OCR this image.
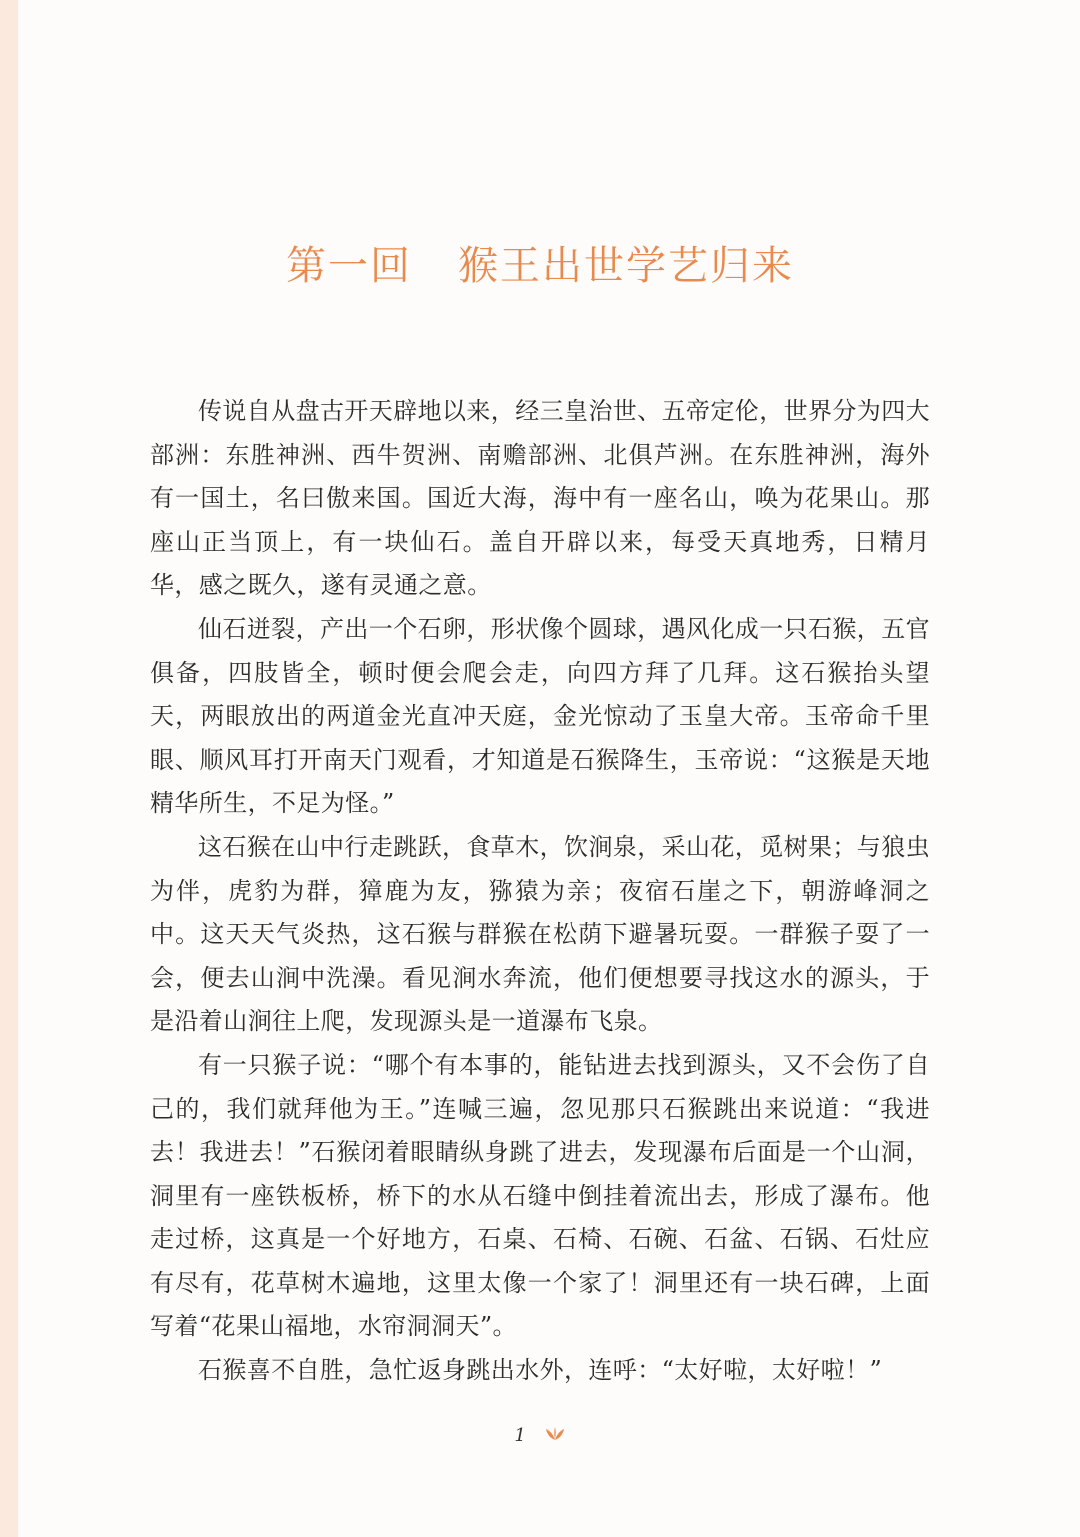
第一回 猴王出世学艺归来

传说自从盘古开天辟地以来，经三皇治世、五帝定伦，世界分为四大部洲：东胜神洲、西牛贺洲、南赡部洲、北俱芦洲。在东胜神洲，海外有一国土，名曰傲来国。国近大海，海中有一座名山，唤为花果山。那座山正当顶上，有一块仙石。盖自开辟以来，每受天真地秀，日精月华，感之既久，遂有灵通之意。

仙石迸裂，产出一个石卵，形状像个圆球，遇风化成一只石猴，五官俱备，四肢皆全，顿时便会爬会走，向四方拜了几拜。这石猴抬头望天，两眼放出的两道金光直冲天庭，金光惊动了玉皇大帝。玉帝命千里眼、顺风耳打开南天门观看，才知道是石猴降生，玉帝说：“这猴是天地精华所生，不足为怪。”

这石猴在山中行走跳跃，食草木，饮涧泉，采山花，觅树果；与狼虫为伴，虎豹为群，獐鹿为友，猕猿为亲；夜宿石崖之下，朝游峰洞之中。这天天气炎热，这石猴与群猴在松荫下避暑玩耍。一群猴子耍了一会，便去山涧中洗澡。看见涧水奔流，他们便想要寻找这水的源头，于是沿着山涧往上爬，发现源头是一道瀑布飞泉。

有一只猴子说：“哪个有本事的，能钻进去找到源头，又不会伤了自己的，我们就拜他为王。”连喊三遍，忽见那只石猴跳出来说道：“我进去！我进去！”石猴闭着眼睛纵身跳了进去，发现瀑布后面是一个山洞，洞里有一座铁板桥，桥下的水从石缝中倒挂着流出去，形成了瀑布。他走过桥，这真是一个好地方，石桌、石椅、石碗、石盆、石锅、石灶应有尽有，花草树木遍地，这里太像一个家了！洞里还有一块石碑，上面写着“花果山福地，水帘洞洞天”。

石猴喜不自胜，急忙返身跳出水外，连呼：“太好啦，太好啦！”

1
